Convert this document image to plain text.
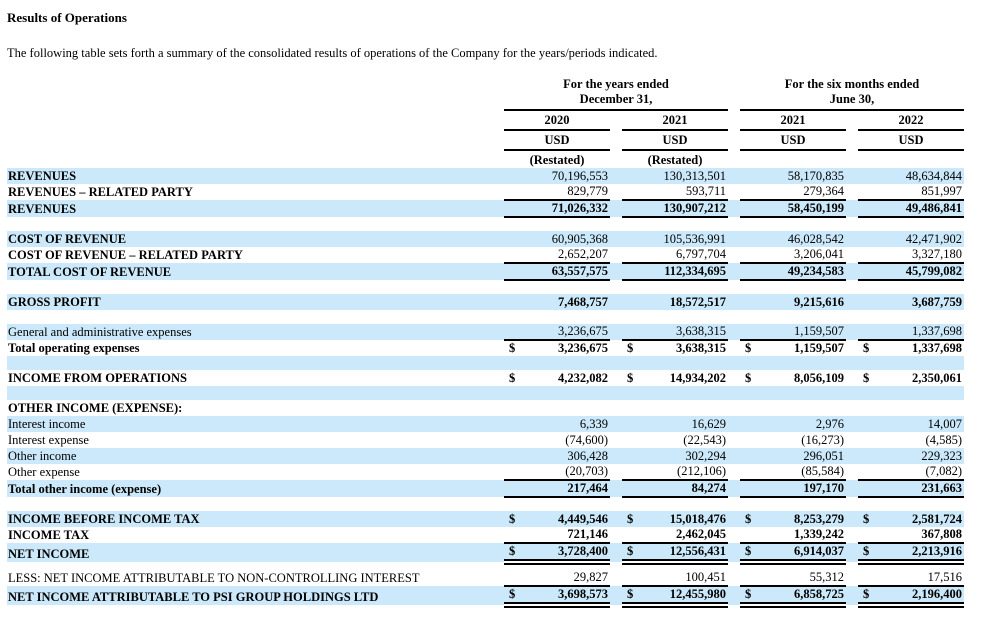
Results of Operations

The following table sets forth a summary of the consolidated results of operations of the Company for the years/periods indicated.

	For the years ended
December 31,						For the six months ended
June 30,				

	2020			2021			2021			2022	
	USD			USD			USD			USD	
	(Restated)			(Restated)							
REVENUES		70,196,553			130,313,501			58,170,835			48,634,844
REVENUES – RELATED PARTY		829,779			593,711			279,364			851,997
REVENUES		71,026,332			130,907,212			58,450,199			49,486,841

COST OF REVENUE		60,905,368			105,536,991			46,028,542			42,471,902
COST OF REVENUE – RELATED PARTY		2,652,207			6,797,704			3,206,041			3,327,180
TOTAL COST OF REVENUE		63,557,575			112,334,695			49,234,583			45,799,082

GROSS PROFIT		7,468,757			18,572,517			9,215,616			3,687,759

General and administrative expenses		3,236,675			3,638,315			1,159,507			1,337,698
Total operating expenses	$	3,236,675		$	3,638,315		$	1,159,507		$	1,337,698

INCOME FROM OPERATIONS	$	4,232,082		$	14,934,202		$	8,056,109		$	2,350,061

OTHER INCOME (EXPENSE):											
Interest income		6,339			16,629			2,976			14,007
Interest expense		(74,600)			(22,543)			(16,273)			(4,585)
Other income		306,428			302,294			296,051			229,323
Other expense		(20,703)			(212,106)			(85,584)			(7,082)
Total other income (expense)		217,464			84,274			197,170			231,663

INCOME BEFORE INCOME TAX	$	4,449,546		$	15,018,476		$	8,253,279		$	2,581,724
INCOME TAX		721,146			2,462,045			1,339,242			367,808
NET INCOME	$	3,728,400		$	12,556,431		$	6,914,037		$	2,213,916

LESS: NET INCOME ATTRIBUTABLE TO NON-CONTROLLING INTEREST		29,827			100,451			55,312			17,516
NET INCOME ATTRIBUTABLE TO PSI GROUP HOLDINGS LTD	$	3,698,573		$	12,455,980		$	6,858,725		$	2,196,400
